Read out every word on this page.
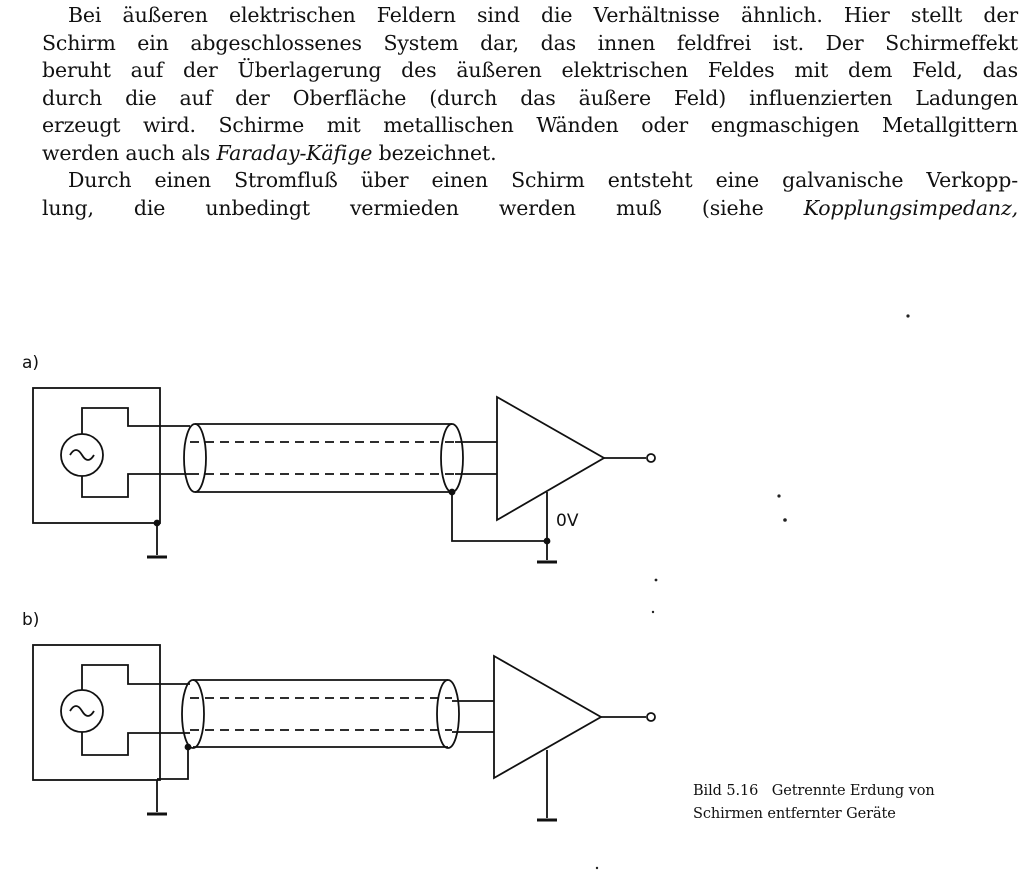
Bei äußeren elektrischen Feldern sind die Verhältnisse ähnlich. Hier stellt der
Schirm ein abgeschlossenes System dar, das innen feldfrei ist. Der Schirmeffekt
beruht auf der Überlagerung des äußeren elektrischen Feldes mit dem Feld, das
durch die auf der Oberfläche (durch das äußere Feld) influenzierten Ladungen
erzeugt wird. Schirme mit metallischen Wänden oder engmaschigen Metallgittern
werden auch als Faraday-Käfige bezeichnet.
Durch einen Stromfluß über einen Schirm entsteht eine galvanische Verkopp-
lung, die unbedingt vermieden werden muß (siehe Kopplungsimpedanz,
a)
b)
0V
Bild 5.16   Getrennte Erdung von
Schirmen entfernter Geräte
